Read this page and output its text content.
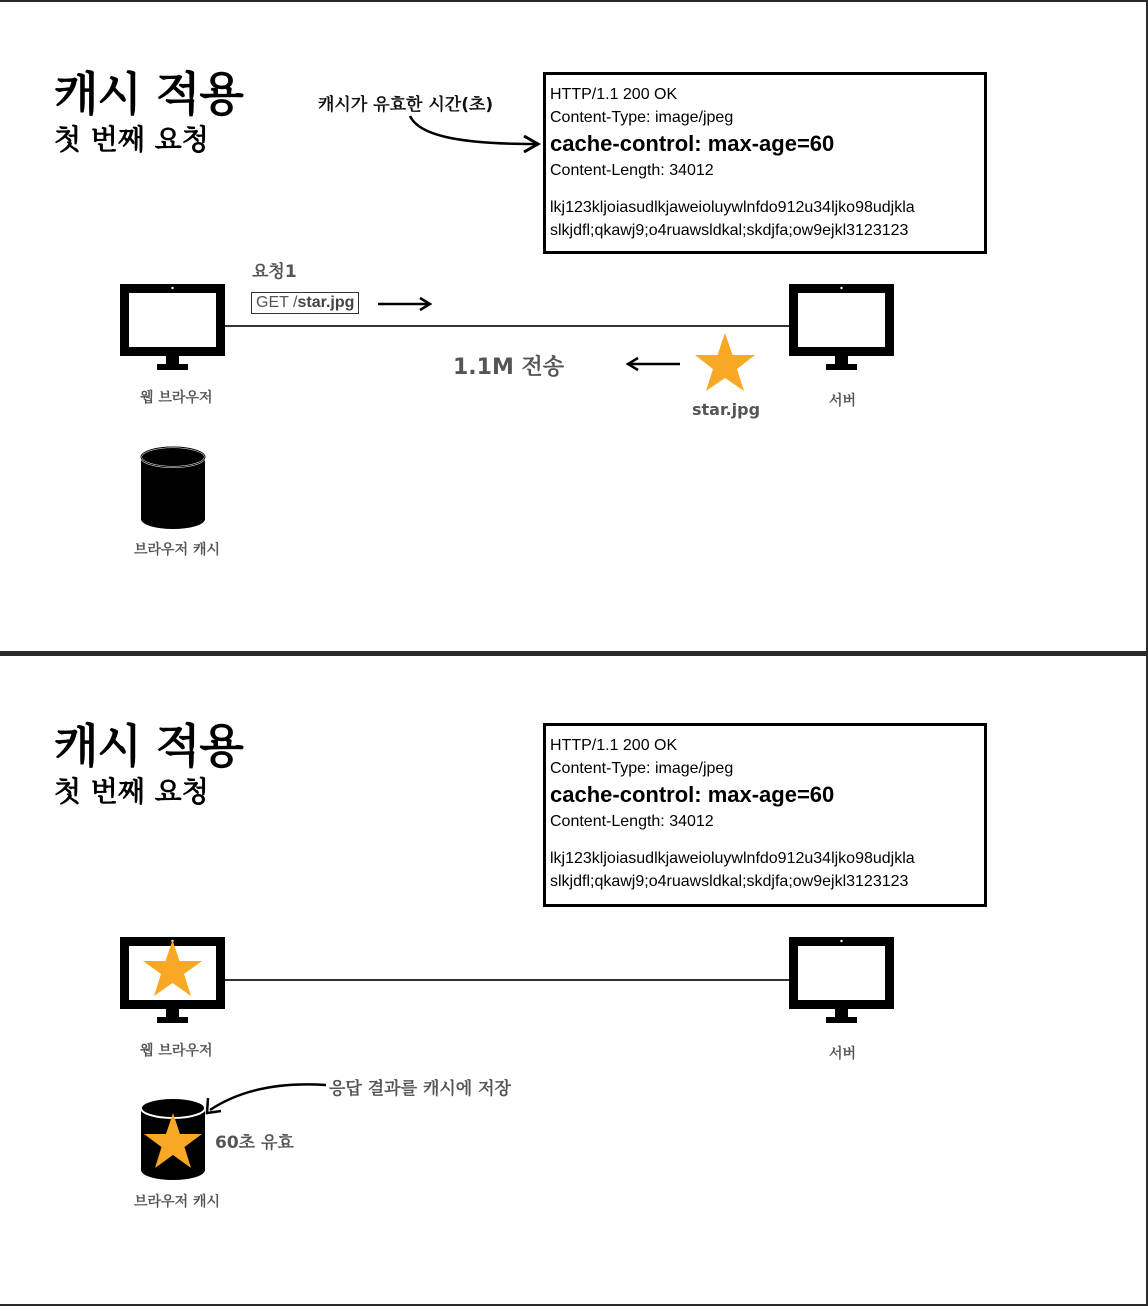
캐시 적용
첫 번째 요청
캐시가 유효한 시간(초)
HTTP/1.1 200 OK
Content-Type: image/jpeg
cache-control: max-age=60
Content-Length: 34012
lkj123kljoiasudlkjaweioluywlnfdo912u34ljko98udjkla
slkjdfl;qkawj9;o4ruawsldkal;skdjfa;ow9ejkl3123123
웹 브라우저	서버
요청1
GET /star.jpg
1.1M 전송
star.jpg
브라우저 캐시
캐시 적용
첫 번째 요청
HTTP/1.1 200 OK
Content-Type: image/jpeg
cache-control: max-age=60
Content-Length: 34012
lkj123kljoiasudlkjaweioluywlnfdo912u34ljko98udjkla
slkjdfl;qkawj9;o4ruawsldkal;skdjfa;ow9ejkl3123123
웹 브라우저	서버
응답 결과를 캐시에 저장
60초 유효
브라우저 캐시
